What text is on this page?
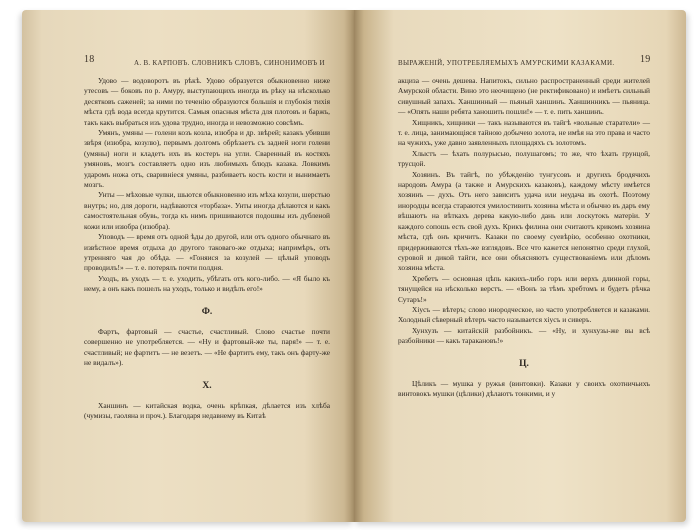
18	А. В. КАРПОВЪ. СЛОВНИКЪ СЛОВЪ, СИНОНИМОВЪ И

Удово — водоворотъ въ рѣкѣ. Удово образуется обыкновенно ниже утесовъ — боковъ по р. Амуру, выступающихъ иногда въ рѣку на нѣсколько десятковъ саженей; за ними по теченію образуются большія и глубокія тихія мѣста гдѣ вода всегда крутится. Самыя опасныя мѣста для плотовъ и баржъ, такъ какъ выбраться изъ удова трудно, иногда и невозможно совсѣмъ.

Умянъ, умяны — голени козъ козла, изюбра и др. звѣрей; казакъ убивши звѣря (изюбра, козулю), первымъ долгомъ обрѣзаетъ съ задней ноги голени (умяны) ноги и кладетъ ихъ въ костеръ на угли. Сваренный въ костяхъ умяновъ, мозгъ составляетъ одно изъ любимыхъ блюдъ казака. Ловкимъ ударомъ ножа отъ, сваривнiеся умяны, разбиваетъ кость кости и вынимаетъ мозгъ.

Унты — мѣховые чулки, шьются обыкновенно изъ мѣха козули, шерстью внутрь; но, для дороги, надѣваются «торбаза». Унты иногда дѣлаются и какъ самостоятельная обувь, тогда къ нимъ пришиваются подошвы изъ дубленой кожи или изюбра (изюбра).

Уповодъ — время отъ одной ѣды до другой, или отъ одного обычнаго въ извѣстное время отдыха до другого таковаго-же отдыха; напримѣръ, отъ утренняго чая до обѣда. — «Гоняися за козулей — цѣлый уповодъ проводилъ!» — т. е. потерялъ почти полдня.

Уходъ, въ уходъ — т. е. уходить, убѣгать отъ кого-либо. — «Я было къ нему, а онъ какъ пошелъ на уходъ, только и видѣлъ его!»

Ф.

Фартъ, фартовый — счастье, счастливый. Слово счастье почти совершенно не употребляется. — «Ну и фартовый-же ты, паря!» — т. е. счастливый; не фартитъ — не везетъ. — «Не фартитъ ему, такъ онъ фарту-же не видалъ»).

Х.

Ханшинъ — китайская водка, очень крѣпкая, дѣлается изъ хлѣба (чумизы, гаоляна и проч.). Благодаря недавнему въ Китаѣ

ВЫРАЖЕНІЙ, УПОТРЕБЛЯЕМЫХЪ АМУРСКИМИ КАЗАКАМИ.	19

акциза — очень дешева. Напитокъ, сильно распространенный среди жителей Амурской области. Вино это неочищено (не ректификовано) и имѣетъ сильный сивушный запахъ. Ханшинный — пьяный ханшинъ. Ханшинникъ — пьяница. — «Опять наши ребята ханошить пошли!» — т. е. пить ханшинъ.

Хищникъ, хищники — такъ называются въ тайгѣ «вольные старатели» — т. е. лица, занимающіяся тайною добычею золота, не имѣя на это права и часто на чужихъ, уже давно заявленныхъ площадяхъ съ золотомъ.

Хлыстъ — ѣхать полурысью, полушагомъ; то же, что ѣхать грунцой, трусцой.

Хозяинъ. Въ тайгѣ, по убѣжденію тунгусовъ и другихъ бродячихъ народовъ Амура (а также и Амурскихъ казаковъ), каждому мѣсту имѣется хозяинъ — духъ. Отъ него зависитъ удача или неудача въ охотѣ. Поэтому инородцы всегда стараются умилостивить хозяина мѣста и обычно въ даръ ему вѣшаютъ на вѣткахъ дерева какую-либо дань или лоскутокъ матеріи. У каждого сопошь есть свой духъ. Крикъ филина они считаютъ крикомъ хозяина мѣста, гдѣ онъ кричитъ. Казаки по своему суевѣрію, особенно охотники, придерживаются тѣхъ-же взглядовъ. Все что кажется непонятно среди глухой, суровой и дикой тайги, все они объясняютъ существованіемъ или дѣломъ хозяина мѣста.

Хребетъ — основная цѣпь какихъ-либо горъ или верхъ длинной горы, тянущейся на нѣсколько верстъ. — «Вонъ за тѣмъ хребтомъ и будетъ рѣчка Сутаръ!»

Хіусъ — вѣтеръ; слово инородческое, но часто употребляется и казаками. Холодный сѣверный вѣтеръ часто называется хіусъ и сиверъ.

Хунхузъ — китайскій разбойникъ. — «Ну, и хунхузы-же вы всѣ разбойники — какъ таракановъ!»

Ц.

Цѣликъ — мушка у ружья (винтовки). Казаки у своихъ охотничьихъ винтовокъ мушки (цѣлики) дѣлаютъ тонкими, и у
